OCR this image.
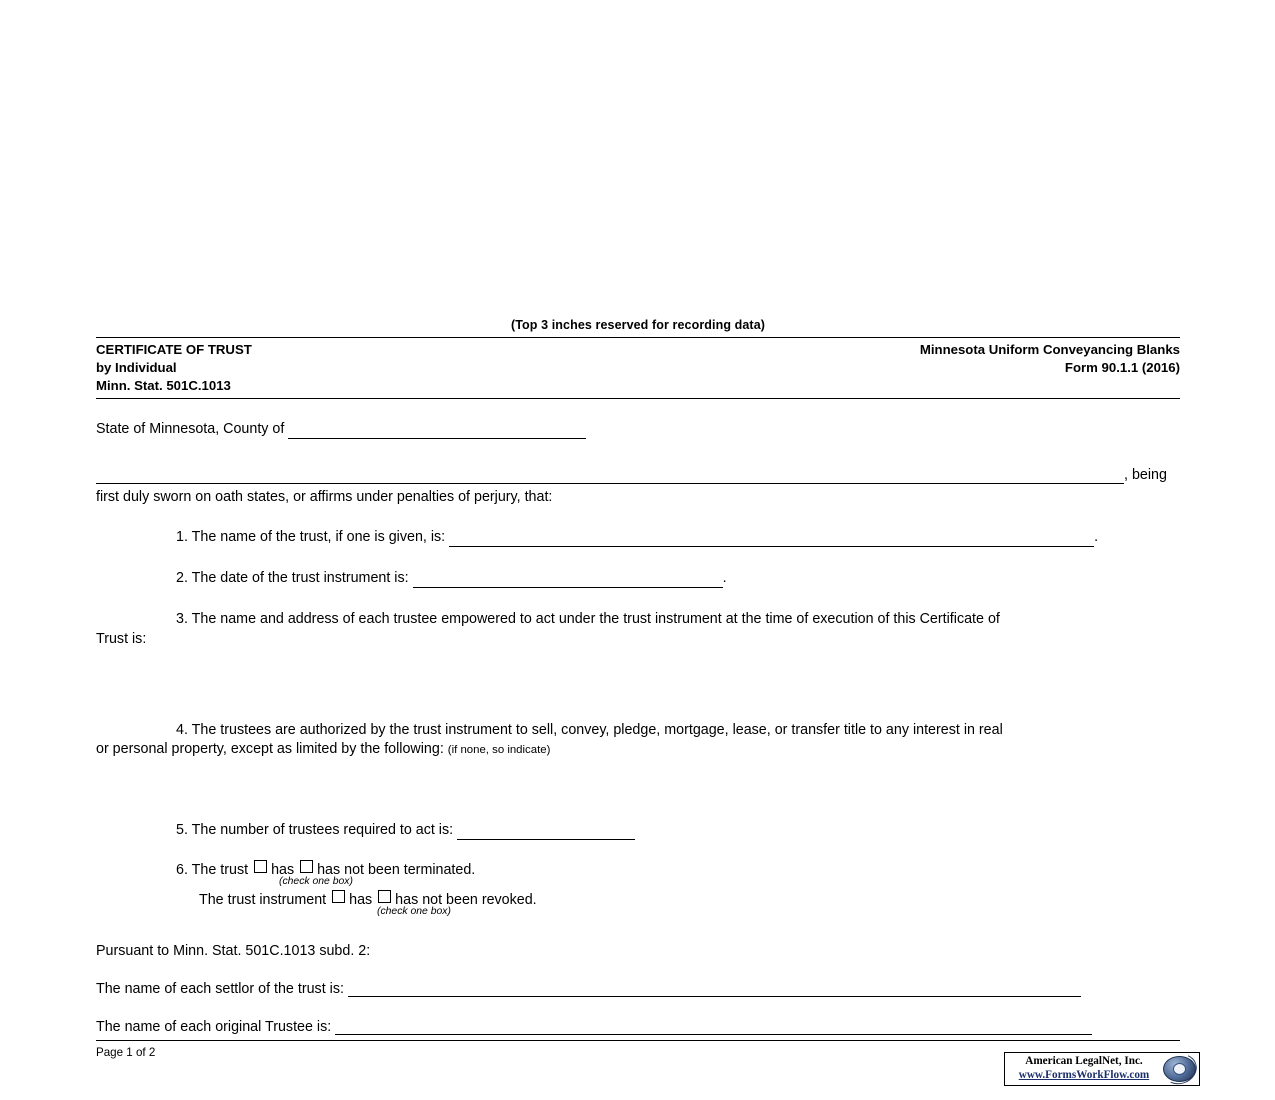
(Top 3 inches reserved for recording data)
CERTIFICATE OF TRUST
by Individual
Minn. Stat. 501C.1013
Minnesota Uniform Conveyancing Blanks
Form 90.1.1 (2016)
State of Minnesota, County of
, being
first duly sworn on oath states, or affirms under penalties of perjury, that:
1. The name of the trust, if one is given, is:	.
2. The date of the trust instrument is:	.
3. The name and address of each trustee empowered to act under the trust instrument at the time of execution of this Certificate of
Trust is:
4. The trustees are authorized by the trust instrument to sell, convey, pledge, mortgage, lease, or transfer title to any interest in real
or personal property, except as limited by the following: (if none, so indicate)
5. The number of trustees required to act is:
6. The trust has has not been terminated.
(check one box)
The trust instrument has has not been revoked.
(check one box)
Pursuant to Minn. Stat. 501C.1013 subd. 2:
The name of each settlor of the trust is:
The name of each original Trustee is:
Page 1 of 2
American LegalNet, Inc.
www.FormsWorkFlow.com
